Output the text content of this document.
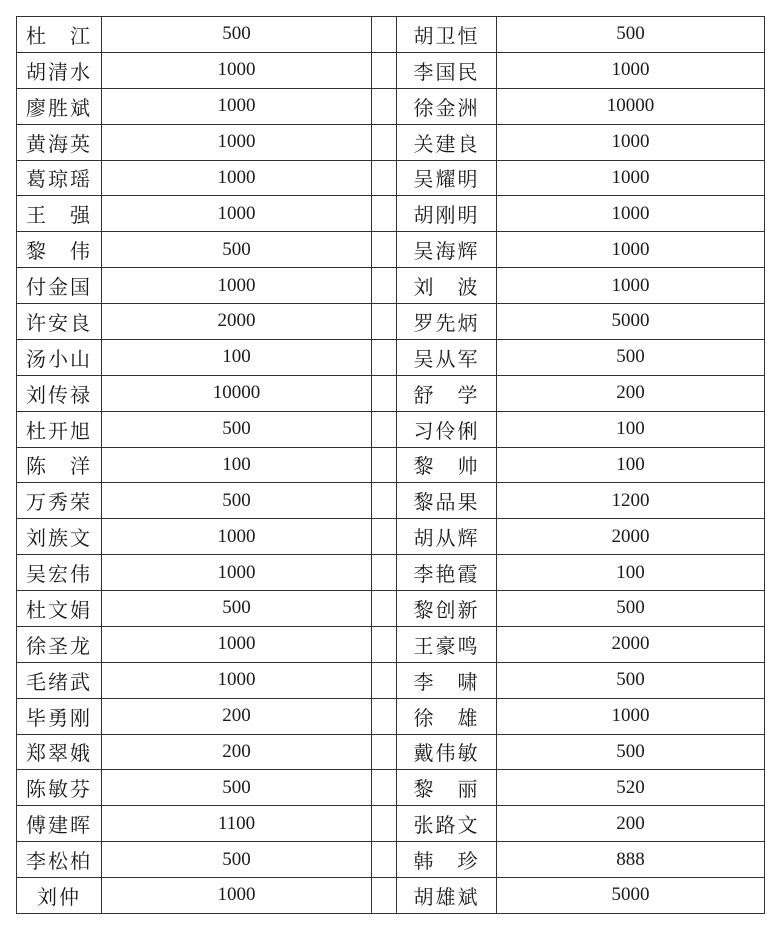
杜　江	500		胡卫恒	500
胡清水	1000		李国民	1000
廖胜斌	1000		徐金洲	10000
黄海英	1000		关建良	1000
葛琼瑶	1000		吴耀明	1000
王　强	1000		胡刚明	1000
黎　伟	500		吴海辉	1000
付金国	1000		刘　波	1000
许安良	2000		罗先炳	5000
汤小山	100		吴从军	500
刘传禄	10000		舒　学	200
杜开旭	500		习伶俐	100
陈　洋	100		黎　帅	100
万秀荣	500		黎品果	1200
刘族文	1000		胡从辉	2000
吴宏伟	1000		李艳霞	100
杜文娟	500		黎创新	500
徐圣龙	1000		王豪鸣	2000
毛绪武	1000		李　啸	500
毕勇刚	200		徐　雄	1000
郑翠娥	200		戴伟敏	500
陈敏芬	500		黎　丽	520
傅建晖	1100		张路文	200
李松柏	500		韩　珍	888
刘仲	1000		胡雄斌	5000
